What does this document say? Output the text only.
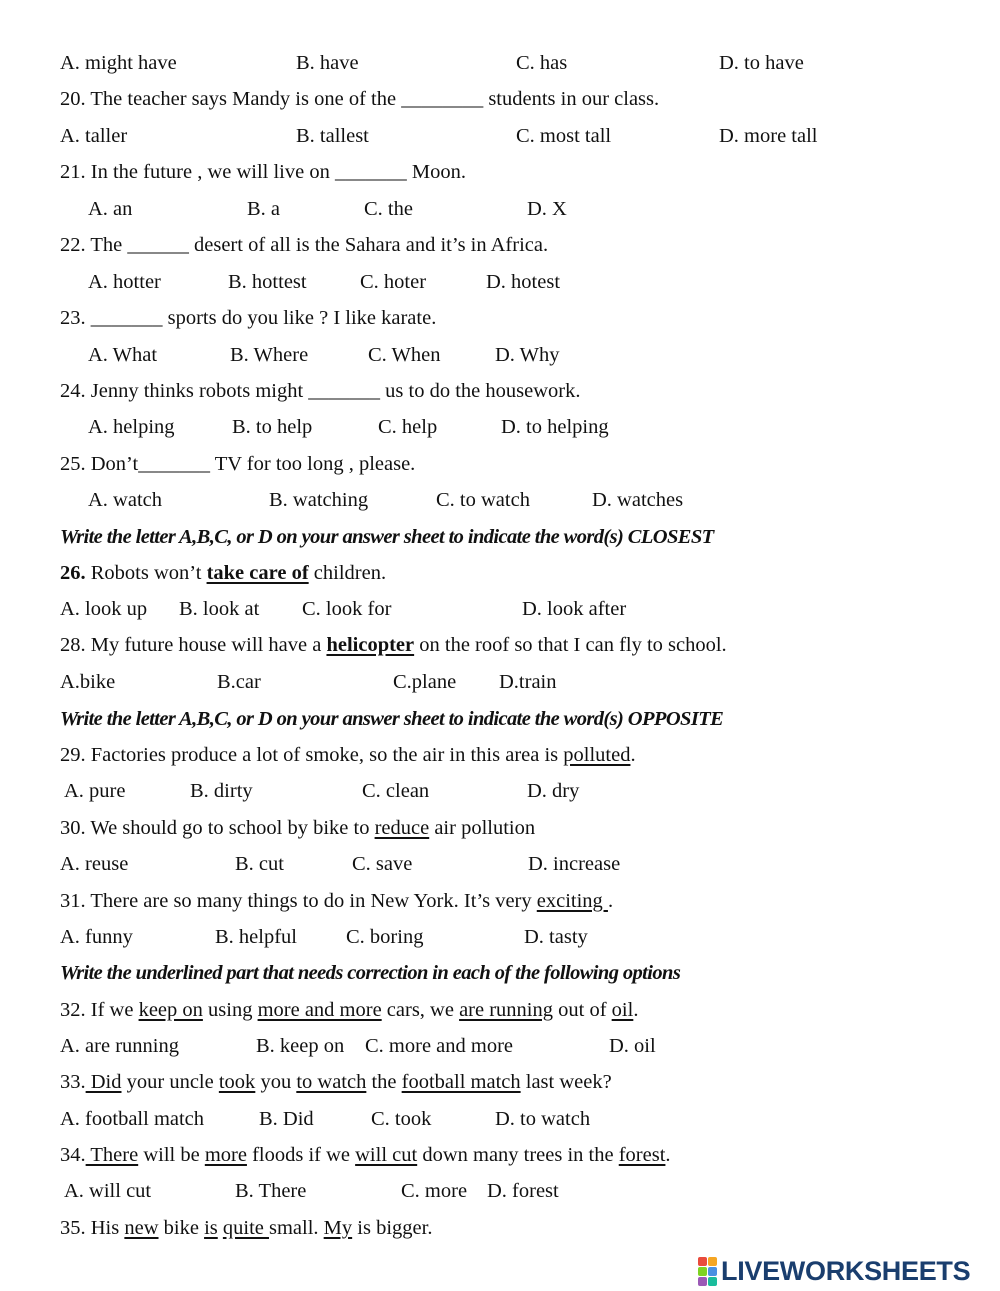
A. might have	B. have	C. has	D. to have
20. The teacher says Mandy is one of the ________ students in our class.
A. taller	B. tallest	C. most tall	D. more tall
21. In the future , we will live on _______ Moon.
A. an	B. a	C. the	D. X
22. The ______ desert of all is the Sahara and it’s in Africa.
A. hotter	B. hottest	C. hoter	D. hotest
23. _______ sports do you like ? I like karate.
A. What	B. Where	C. When	D. Why
24. Jenny thinks robots might _______ us to do the housework.
A. helping	B. to help	C. help	D. to helping
25. Don’t_______ TV for too long , please.
A. watch	B. watching	C. to watch	D. watches
Write the letter A,B,C, or D on your answer sheet to indicate the word(s) CLOSEST
26. Robots won’t take care of children.
A. look up B. look at C. look for	D. look after
28. My future house will have a helicopter on the roof so that I can fly to school.
A.bike	B.car	C.plane D.train
Write the letter A,B,C, or D on your answer sheet to indicate the word(s) OPPOSITE
29. Factories produce a lot of smoke, so the air in this area is polluted.
A. pure	B. dirty	C. clean	D. dry
30. We should go to school by bike to reduce air pollution
A. reuse	B. cut	C. save	D. increase
31. There are so many things to do in New York. It’s very exciting .
A. funny	B. helpful C. boring	D. tasty
Write the underlined part that needs correction in each of the following options
32. If we keep on using more and more cars, we are running out of oil.
A. are running	B. keep on C. more and more	D. oil
33. Did your uncle took you to watch the football match last week?
A. football match	B. Did	C. took	D. to watch
34. There will be more floods if we will cut down many trees in the forest.
A. will cut	B. There	C. more D. forest
35. His new bike is quite small. My is bigger.
LIVEWORKSHEETS
